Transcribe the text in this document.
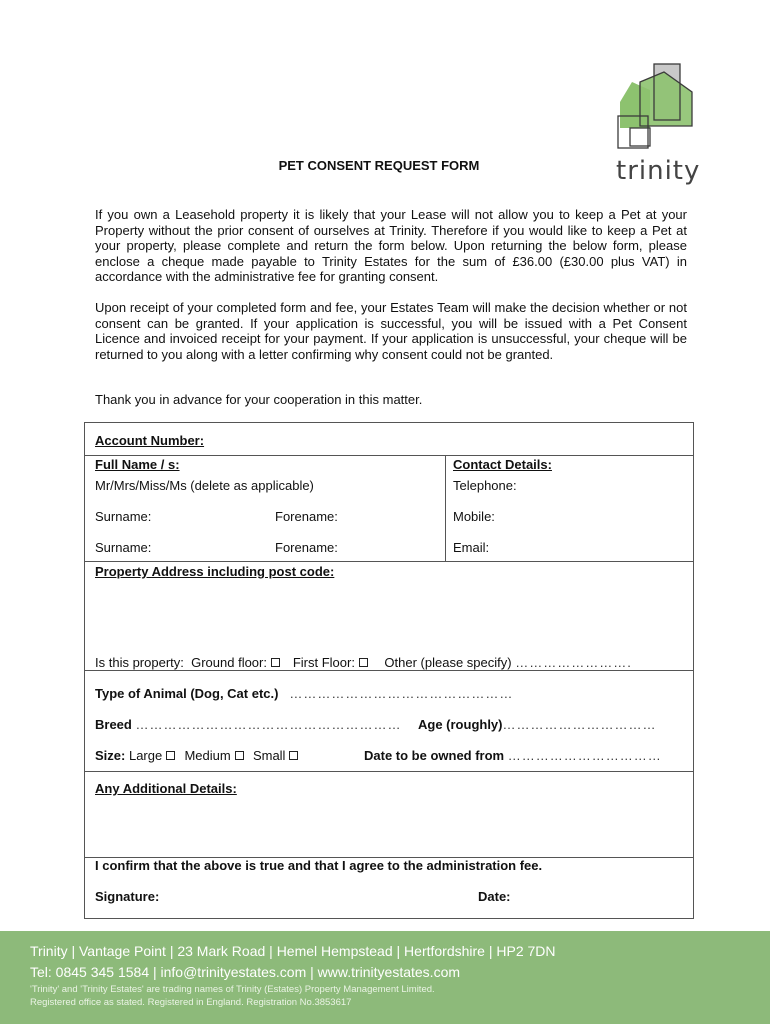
trinity
PET CONSENT REQUEST FORM
If you own a Leasehold property it is likely that your Lease will not allow you to keep a Pet at your Property without the prior consent of ourselves at Trinity. Therefore if you would like to keep a Pet at your property, please complete and return the form below. Upon returning the below form, please enclose a cheque made payable to Trinity Estates for the sum of £36.00 (£30.00 plus VAT) in accordance with the administrative fee for granting consent.
Upon receipt of your completed form and fee, your Estates Team will make the decision whether or not consent can be granted. If your application is successful, you will be issued with a Pet Consent Licence and invoiced receipt for your payment. If your application is unsuccessful, your cheque will be returned to you along with a letter confirming why consent could not be granted.
Thank you in advance for your cooperation in this matter.
Account Number:
Full Name / s:
Mr/Mrs/Miss/Ms (delete as applicable)
Surname:	Forename:
Surname:	Forename:
Contact Details:
Telephone:
Mobile:
Email:
Property Address including post code:
Is this property: Ground floor: First Floor: Other (please specify) …………………….
Type of Animal (Dog, Cat etc.) …………………………………………
Breed ………………………………………………… Age (roughly)……………………………
Size: Large Medium Small	Date to be owned from ……………………………
Any Additional Details:
I confirm that the above is true and that I agree to the administration fee.
Signature:	Date:
Trinity | Vantage Point | 23 Mark Road | Hemel Hempstead | Hertfordshire | HP2 7DN
Tel: 0845 345 1584 | info@trinityestates.com | www.trinityestates.com
'Trinity' and 'Trinity Estates' are trading names of Trinity (Estates) Property Management Limited.
Registered office as stated. Registered in England. Registration No.3853617
